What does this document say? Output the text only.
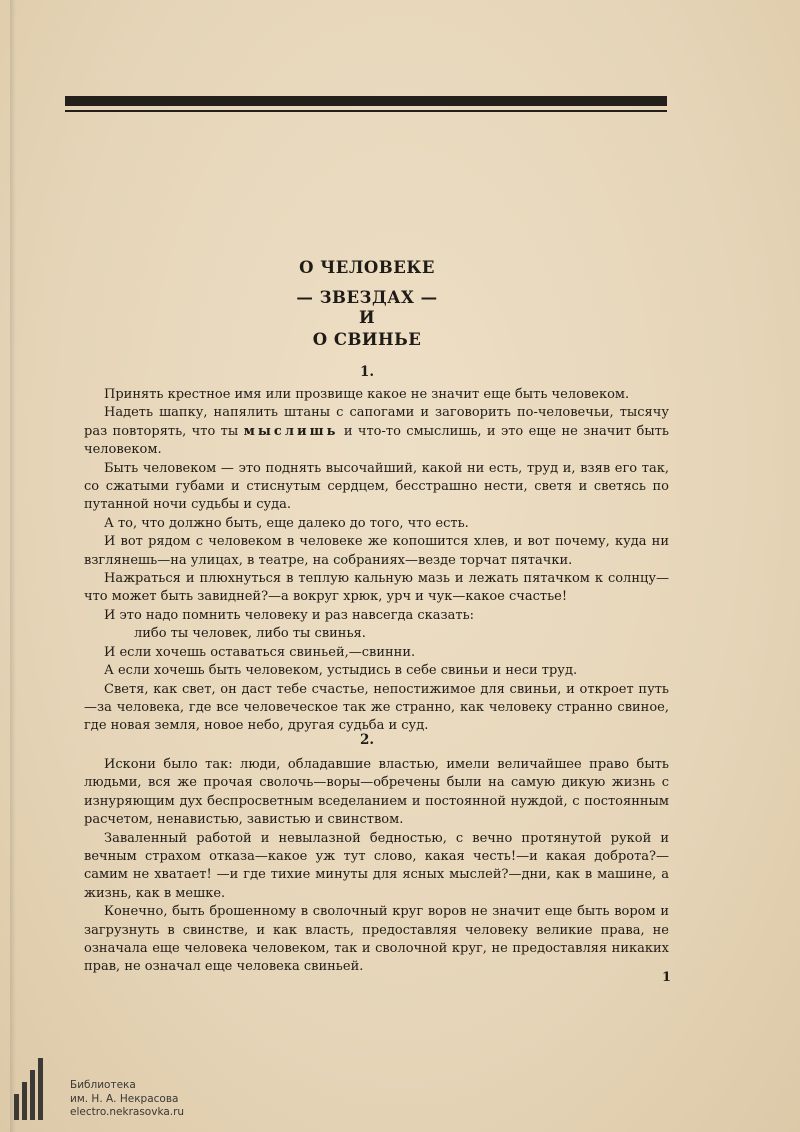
О ЧЕЛОВЕКЕ
— ЗВЕЗДАХ —
И
О СВИНЬЕ
1.

Принять крестное имя или прозвище какое не значит еще быть человеком.

Надеть шапку, напялить штаны с сапогами и заговорить по-человечьи, тысячу раз повторять, что ты мыслишь и что-то смыслишь, и это еще не значит быть человеком.

Быть человеком — это поднять высочайший, какой ни есть, труд и, взяв его так, со сжатыми губами и стиснутым сердцем, бесстрашно нести, светя и светясь по путанной ночи судьбы и суда.

А то, что должно быть, еще далеко до того, что есть.

И вот рядом с человеком в человеке же копошится хлев, и вот почему, куда ни взглянешь—на улицах, в театре, на собраниях—везде торчат пятачки.

Нажраться и плюхнуться в теплую кальную мазь и лежать пятачком к солнцу—что может быть завидней?—а вокруг хрюк, урч и чук—какое счастье!

И это надо помнить человеку и раз навсегда сказать:

либо ты человек, либо ты свинья.

И если хочешь оставаться свиньей,—свинни.

А если хочешь быть человеком, устыдись в себе свиньи и неси труд.

Светя, как свет, он даст тебе счастье, непостижимое для свиньи, и откроет путь—за человека, где все человеческое так же странно, как человеку странно свиное, где новая земля, новое небо, другая судьба и суд.

2.

Искони было так: люди, обладавшие властью, имели величайшее право быть людьми, вся же прочая сволочь—воры—обречены были на самую дикую жизнь с изнуряющим дух беспросветным вседеланием и постоянной нуждой, с постоянным расчетом, ненавистью, завистью и свинством.

Заваленный работой и невылазной бедностью, с вечно протянутой рукой и вечным страхом отказа—какое уж тут слово, какая честь!—и какая доброта?—самим не хватает! —и где тихие минуты для ясных мыслей?—дни, как в машине, а жизнь, как в мешке.

Конечно, быть брошенному в сволочный круг воров не значит еще быть вором и загрузнуть в свинстве, и как власть, предоставляя человеку великие права, не означала еще человека человеком, так и сволочной круг, не предоставляя никаких прав, не означал еще человека свиньей.

1
Библиотека
им. Н. А. Некрасова
electro.nekrasovka.ru
